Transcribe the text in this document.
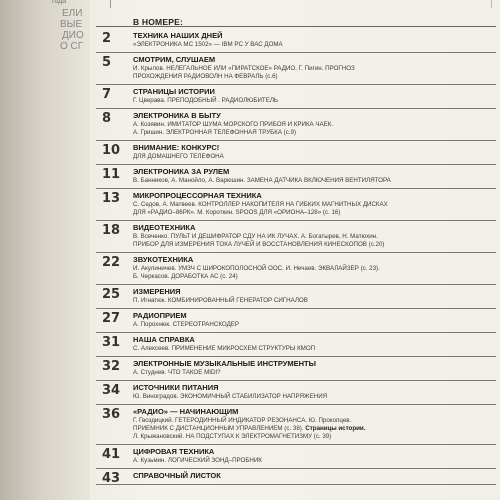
ЕЛИ
ВЫЕ
ДИО
О СГ
года
В НОМЕРЕ:
2	ТЕХНИКА НАШИХ ДНЕЙ
«ЭЛЕКТРОНИКА МС 1502» — IBM PC У ВАС ДОМА
5	СМОТРИМ, СЛУШАЕМ
И. Крылов. НЕЛЕГАЛЬНОЕ ИЛИ «ПИРАТСКОЕ» РАДИО. Г. Пигин. ПРОГНОЗ
ПРОХОЖДЕНИЯ РАДИОВОЛН НА ФЕВРАЛЬ (с.6)
7	СТРАНИЦЫ ИСТОРИИ
Г. Цверава. ПРЕПОДОБНЫЙ . РАДИОЛЮБИТЕЛЬ
8	ЭЛЕКТРОНИКА В БЫТУ
А. Козявин. ИМИТАТОР ШУМА МОРСКОГО ПРИБОЯ И КРИКА ЧАЕК.
А. Гришин. ЭЛЕКТРОННАЯ ТЕЛЕФОННАЯ ТРУБКА (с.9)
10 ВНИМАНИЕ: КОНКУРС!
ДЛЯ ДОМАШНЕГО ТЕЛЕФОНА
11 ЭЛЕКТРОНИКА ЗА РУЛЕМ
В. Банников, А. Манойло, А. Варюшин. ЗАМЕНА ДАТЧИКА ВКЛЮЧЕНИЯ ВЕНТИЛЯТОРА
13 МИКРОПРОЦЕССОРНАЯ ТЕХНИКА
С. Седов, А. Матвеев. КОНТРОЛЛЕР НАКОПИТЕЛЯ НА ГИБКИХ МАГНИТНЫХ ДИСКАХ
ДЛЯ «РАДИО–86РК». М. Короткин. SPOOS ДЛЯ «ОРИОНА–128» (с. 16)
18 ВИДЕОТЕХНИКА
В. Всеченко. ПУЛЬТ И ДЕШИФРАТОР СДУ НА ИК ЛУЧАХ. А. Богатырев, Н. Матюхин.
ПРИБОР ДЛЯ ИЗМЕРЕНИЯ ТОКА ЛУЧЕЙ И ВОССТАНОВЛЕНИЯ КИНЕСКОПОВ (с.20)
22 ЗВУКОТЕХНИКА
И. Акулиничев. УМЗЧ С ШИРОКОПОЛОСНОЙ ООС. И. Нечаев. ЭКВАЛАЙЗЕР (с. 23).
Б. Черкасов. ДОРАБОТКА АС (с. 24)
25 ИЗМЕРЕНИЯ
П. Игнатюк. КОМБИНИРОВАННЫЙ ГЕНЕРАТОР СИГНАЛОВ
27 РАДИОПРИЕМ
А. Порохнюк. СТЕРЕОТРАНСКОДЕР
31 НАША СПРАВКА
С. Алексеев. ПРИМЕНЕНИЕ МИКРОСХЕМ СТРУКТУРЫ КМОП
32 ЭЛЕКТРОННЫЕ МУЗЫКАЛЬНЫЕ ИНСТРУМЕНТЫ
А. Студнев. ЧТО ТАКОЕ MIDI?
34 ИСТОЧНИКИ ПИТАНИЯ
Ю. Виноградов. ЭКОНОМИЧНЫЙ СТАБИЛИЗАТОР НАПРЯЖЕНИЯ
36 «РАДИО» — НАЧИНАЮЩИМ
Г. Гвоздицкий. ГЕТЕРОДИННЫЙ ИНДИКАТОР РЕЗОНАНСА. Ю. Прокопцев.
ПРИЕМНИК С ДИСТАНЦИОННЫМ УПРАВЛЕНИЕМ (с. 38). Страницы истории.
Л. Крыжановский. НА ПОДСТУПАХ К ЭЛЕКТРОМАГНЕТИЗМУ (с. 39)
41 ЦИФРОВАЯ ТЕХНИКА
А. Кузьмин. ЛОГИЧЕСКИЙ ЗОНД–ПРОБНИК
43 СПРАВОЧНЫЙ ЛИСТОК
